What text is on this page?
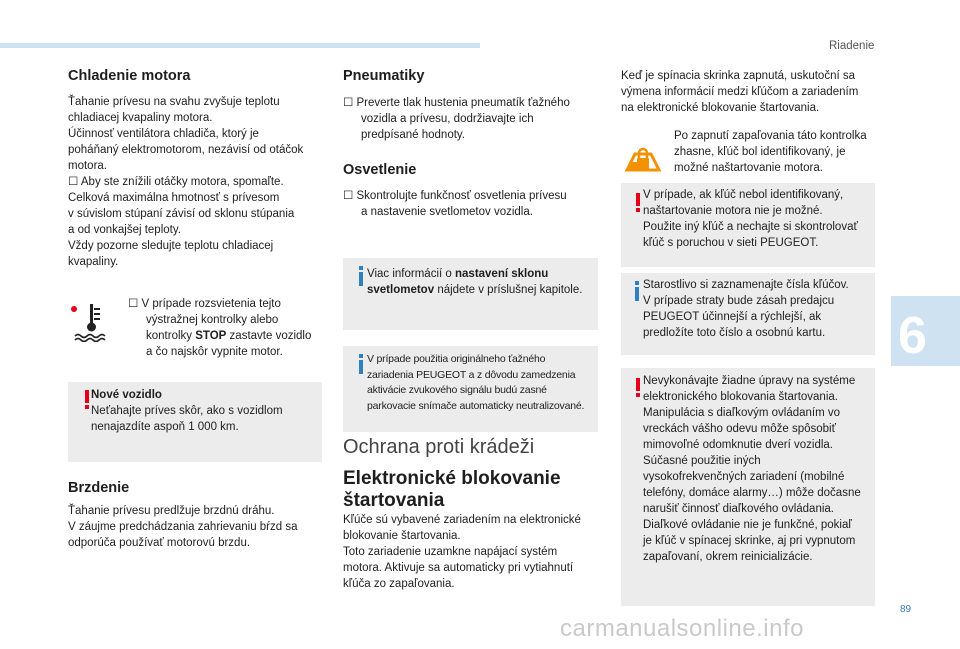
Riadenie
6
Chladenie motora
Ťahanie prívesu na svahu zvyšuje teplotu
chladiacej kvapaliny motora.
Účinnosť ventilátora chladiča, ktorý je
poháňaný elektromotorom, nezávisí od otáčok
motora.
☐ Aby ste znížili otáčky motora, spomaľte.
Celková maximálna hmotnosť s prívesom
v súvislom stúpaní závisí od sklonu stúpania
a od vonkajšej teploty.
Vždy pozorne sledujte teplotu chladiacej
kvapaliny.
☐ V prípade rozsvietenia tejto
výstražnej kontrolky alebo
kontrolky STOP zastavte vozidlo
a čo najskôr vypnite motor.
Nové vozidlo
Neťahajte príves skôr, ako s vozidlom
nenajazdíte aspoň 1 000 km.
Brzdenie
Ťahanie prívesu predlžuje brzdnú dráhu.
V záujme predchádzania zahrievaniu bŕzd sa
odporúča používať motorovú brzdu.
Pneumatiky
☐ Preverte tlak hustenia pneumatík ťažného
vozidla a prívesu, dodržiavajte ich
predpísané hodnoty.
Osvetlenie
☐ Skontrolujte funkčnosť osvetlenia prívesu
a nastavenie svetlometov vozidla.
Viac informácií o nastavení sklonu
svetlometov nájdete v príslušnej kapitole.
V prípade použitia originálneho ťažného
zariadenia PEUGEOT a z dôvodu zamedzenia
aktivácie zvukového signálu budú zasné
parkovacie snímače automaticky neutralizované.
Ochrana proti krádeži
Elektronické blokovanie
štartovania
Kľúče sú vybavené zariadením na elektronické
blokovanie štartovania.
Toto zariadenie uzamkne napájací systém
motora. Aktivuje sa automaticky pri vytiahnutí
kľúča zo zapaľovania.
Keď je spínacia skrinka zapnutá, uskutoční sa
výmena informácií medzi kľúčom a zariadením
na elektronické blokovanie štartovania.
Po zapnutí zapaľovania táto kontrolka
zhasne, kľúč bol identifikovaný, je
možné naštartovanie motora.
V prípade, ak kľúč nebol identifikovaný,
naštartovanie motora nie je možné.
Použite iný kľúč a nechajte si skontrolovať
kľúč s poruchou v sieti PEUGEOT.
Starostlivo si zaznamenajte čísla kľúčov.
V prípade straty bude zásah predajcu
PEUGEOT účinnejší a rýchlejší, ak
predložíte toto číslo a osobnú kartu.
Nevykonávajte žiadne úpravy na systéme
elektronického blokovania štartovania.
Manipulácia s diaľkovým ovládaním vo
vreckách vášho odevu môže spôsobiť
mimovoľné odomknutie dverí vozidla.
Súčasné použitie iných
vysokofrekvenčných zariadení (mobilné
telefóny, domáce alarmy…) môže dočasne
narušiť činnosť diaľkového ovládania.
Diaľkové ovládanie nie je funkčné, pokiaľ
je kľúč v spínacej skrinke, aj pri vypnutom
zapaľovaní, okrem reinicializácie.
89
carmanualsonline.info
